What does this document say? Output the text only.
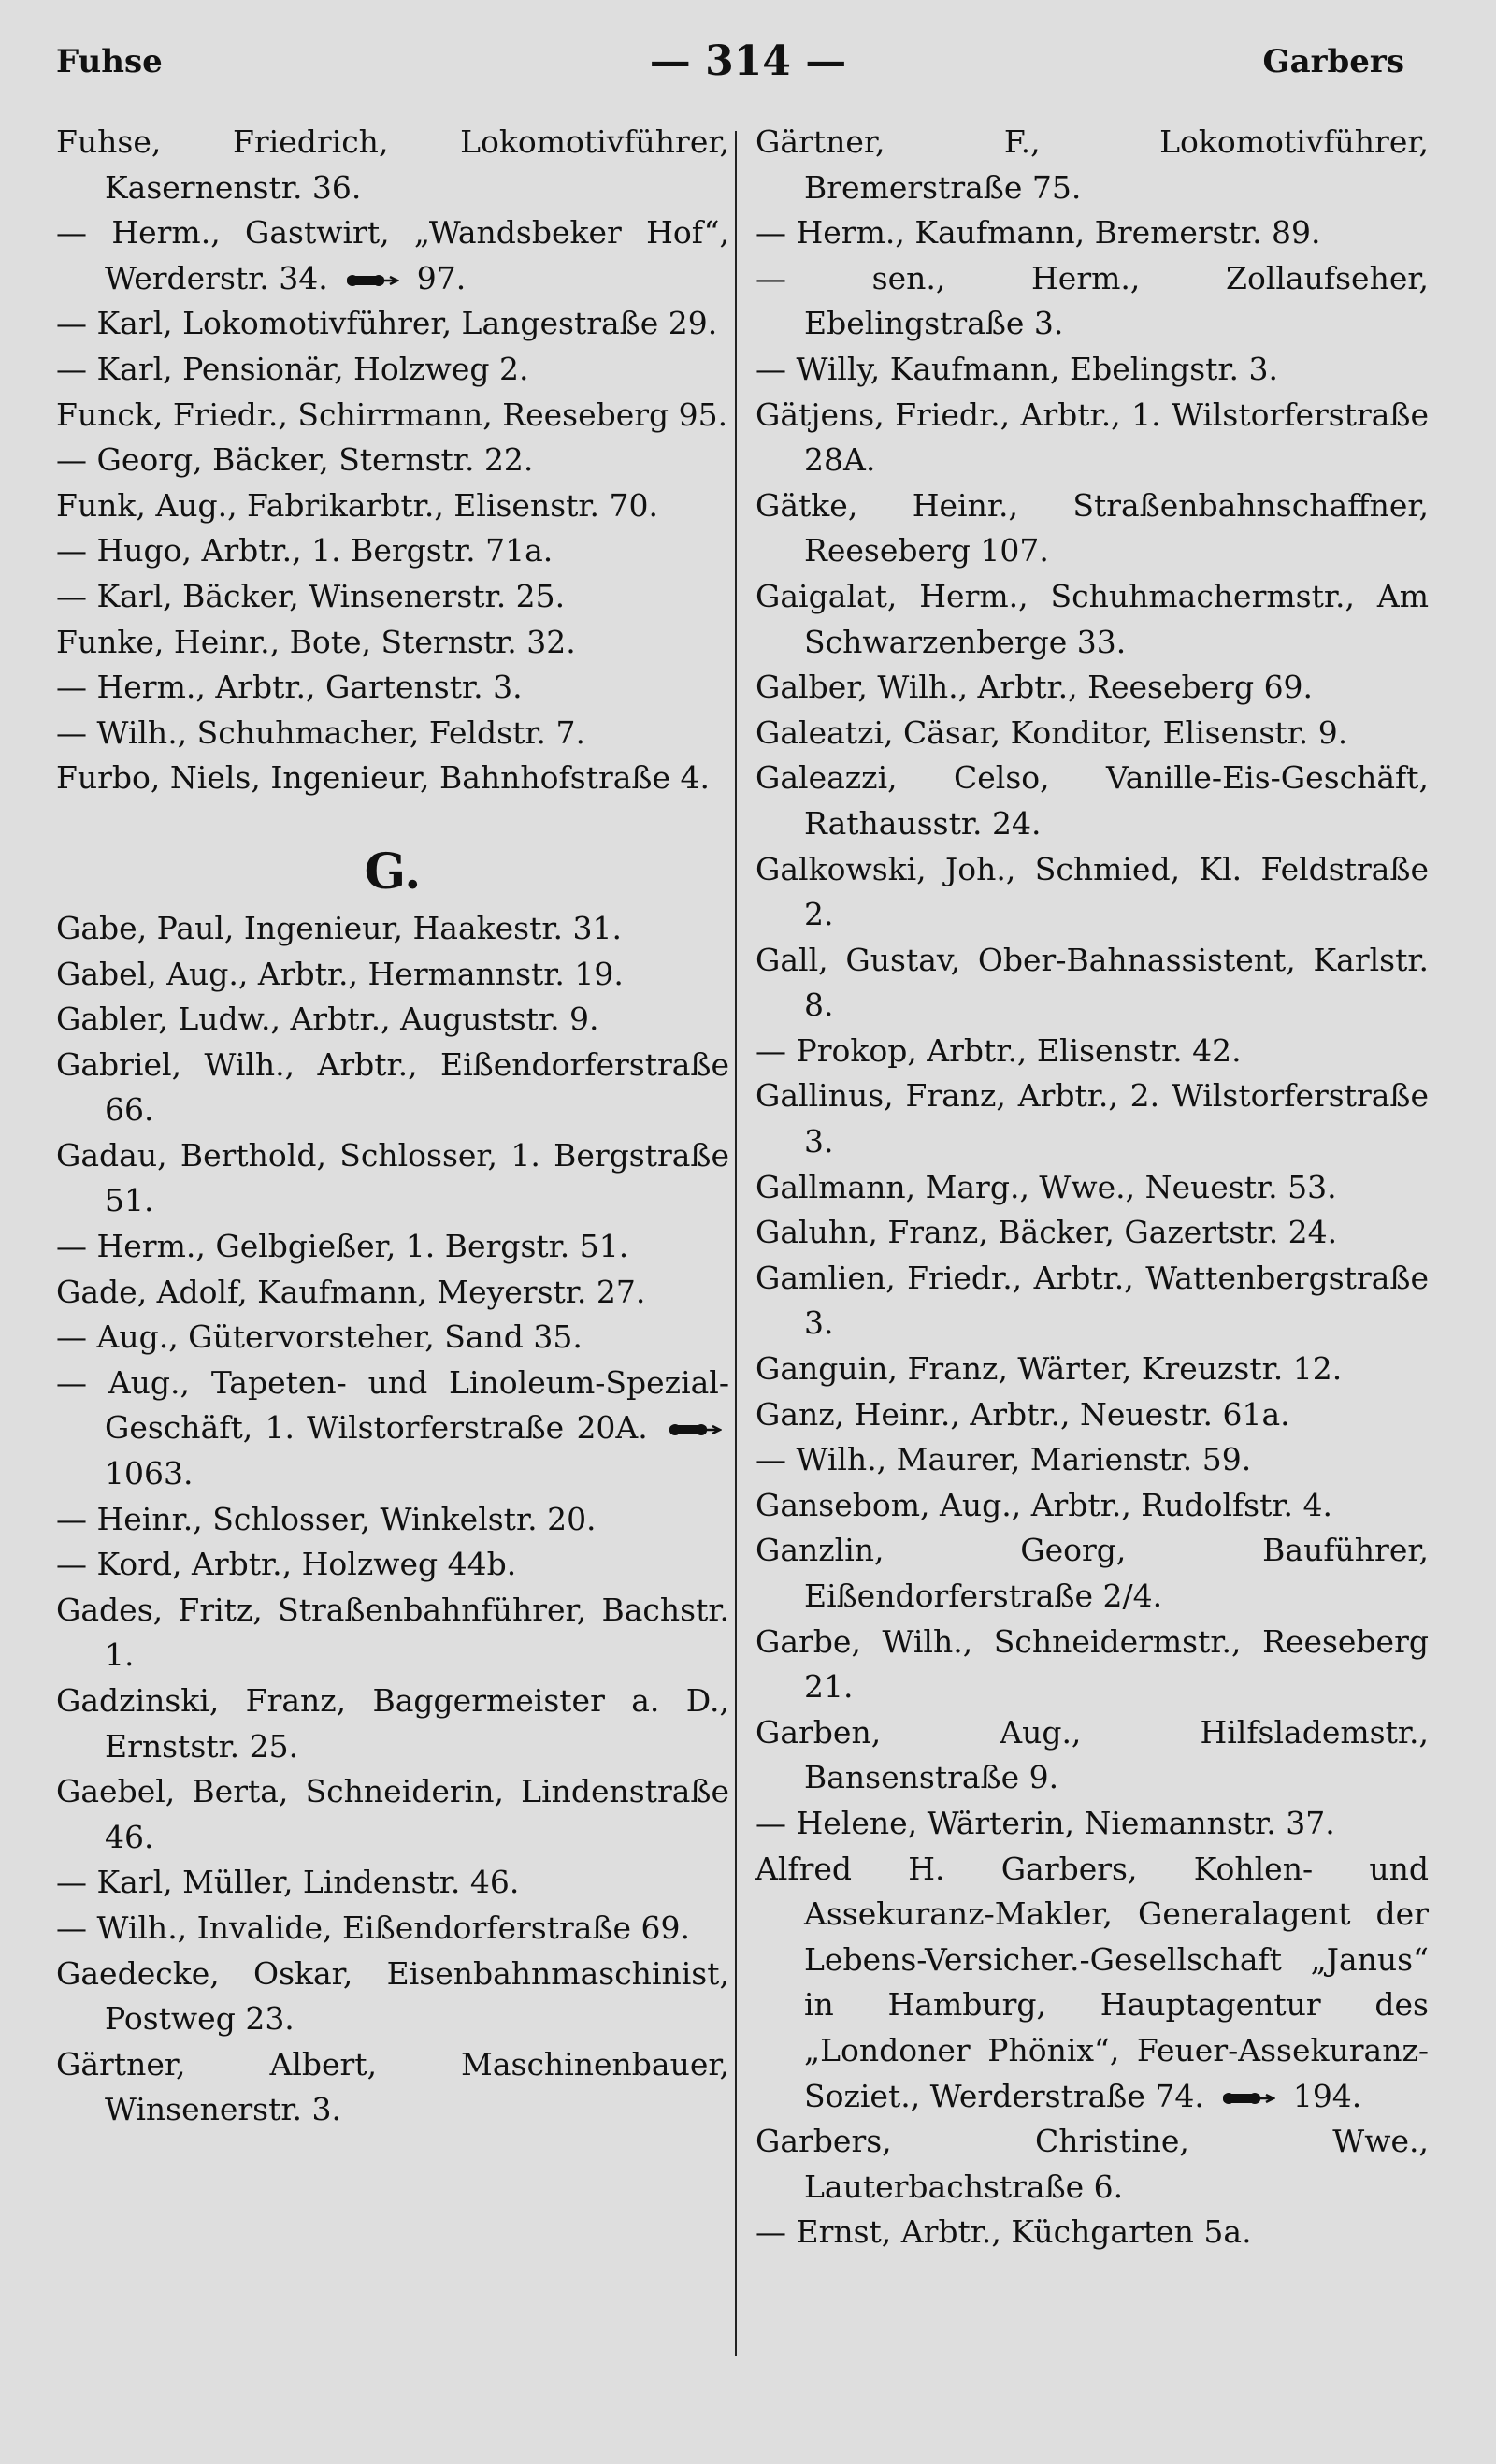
Fuhse	— 314 —	Garbers

Fuhse, Friedrich, Lokomotivführer, Kasernenstr. 36.

— Herm., Gastwirt, „Wandsbeker Hof“, Werderstr. 34.  97.

— Karl, Lokomotivführer, Langestraße 29.

— Karl, Pensionär, Holzweg 2.

Funck, Friedr., Schirrmann, Reeseberg 95.

— Georg, Bäcker, Sternstr. 22.

Funk, Aug., Fabrikarbtr., Elisenstr. 70.

— Hugo, Arbtr., 1. Bergstr. 71a.

— Karl, Bäcker, Winsenerstr. 25.

Funke, Heinr., Bote, Sternstr. 32.

— Herm., Arbtr., Gartenstr. 3.

— Wilh., Schuhmacher, Feldstr. 7.

Furbo, Niels, Ingenieur, Bahnhofstraße 4.

G.

Gabe, Paul, Ingenieur, Haakestr. 31.

Gabel, Aug., Arbtr., Hermannstr. 19.

Gabler, Ludw., Arbtr., Auguststr. 9.

Gabriel, Wilh., Arbtr., Eißendorferstraße 66.

Gadau, Berthold, Schlosser, 1. Bergstraße 51.

— Herm., Gelbgießer, 1. Bergstr. 51.

Gade, Adolf, Kaufmann, Meyerstr. 27.

— Aug., Gütervorsteher, Sand 35.

— Aug., Tapeten- und Linoleum-Spezial-Geschäft, 1. Wilstorferstraße 20A.  1063.

— Heinr., Schlosser, Winkelstr. 20.

— Kord, Arbtr., Holzweg 44b.

Gades, Fritz, Straßenbahnführer, Bachstr. 1.

Gadzinski, Franz, Baggermeister a. D., Ernststr. 25.

Gaebel, Berta, Schneiderin, Lindenstraße 46.

— Karl, Müller, Lindenstr. 46.

— Wilh., Invalide, Eißendorferstraße 69.

Gaedecke, Oskar, Eisenbahnmaschinist, Postweg 23.

Gärtner, Albert, Maschinenbauer, Winsenerstr. 3.

Gärtner, F., Lokomotivführer, Bremerstraße 75.

— Herm., Kaufmann, Bremerstr. 89.

— sen., Herm., Zollaufseher, Ebelingstraße 3.

— Willy, Kaufmann, Ebelingstr. 3.

Gätjens, Friedr., Arbtr., 1. Wilstorferstraße 28A.

Gätke, Heinr., Straßenbahnschaffner, Reeseberg 107.

Gaigalat, Herm., Schuhmachermstr., Am Schwarzenberge 33.

Galber, Wilh., Arbtr., Reeseberg 69.

Galeatzi, Cäsar, Konditor, Elisenstr. 9.

Galeazzi, Celso, Vanille-Eis-Geschäft, Rathausstr. 24.

Galkowski, Joh., Schmied, Kl. Feldstraße 2.

Gall, Gustav, Ober-Bahnassistent, Karlstr. 8.

— Prokop, Arbtr., Elisenstr. 42.

Gallinus, Franz, Arbtr., 2. Wilstorferstraße 3.

Gallmann, Marg., Wwe., Neuestr. 53.

Galuhn, Franz, Bäcker, Gazertstr. 24.

Gamlien, Friedr., Arbtr., Wattenbergstraße 3.

Ganguin, Franz, Wärter, Kreuzstr. 12.

Ganz, Heinr., Arbtr., Neuestr. 61a.

— Wilh., Maurer, Marienstr. 59.

Gansebom, Aug., Arbtr., Rudolfstr. 4.

Ganzlin, Georg, Bauführer, Eißendorferstraße 2/4.

Garbe, Wilh., Schneidermstr., Reeseberg 21.

Garben, Aug., Hilfslademstr., Bansenstraße 9.

— Helene, Wärterin, Niemannstr. 37.

Alfred H. Garbers, Kohlen- und Assekuranz-Makler, Generalagent der Lebens-Versicher.-Gesellschaft „Janus“ in Hamburg, Hauptagentur des „Londoner Phönix“, Feuer-Assekuranz-Soziet., Werderstraße 74.  194.

Garbers, Christine, Wwe., Lauterbachstraße 6.

— Ernst, Arbtr., Küchgarten 5a.
